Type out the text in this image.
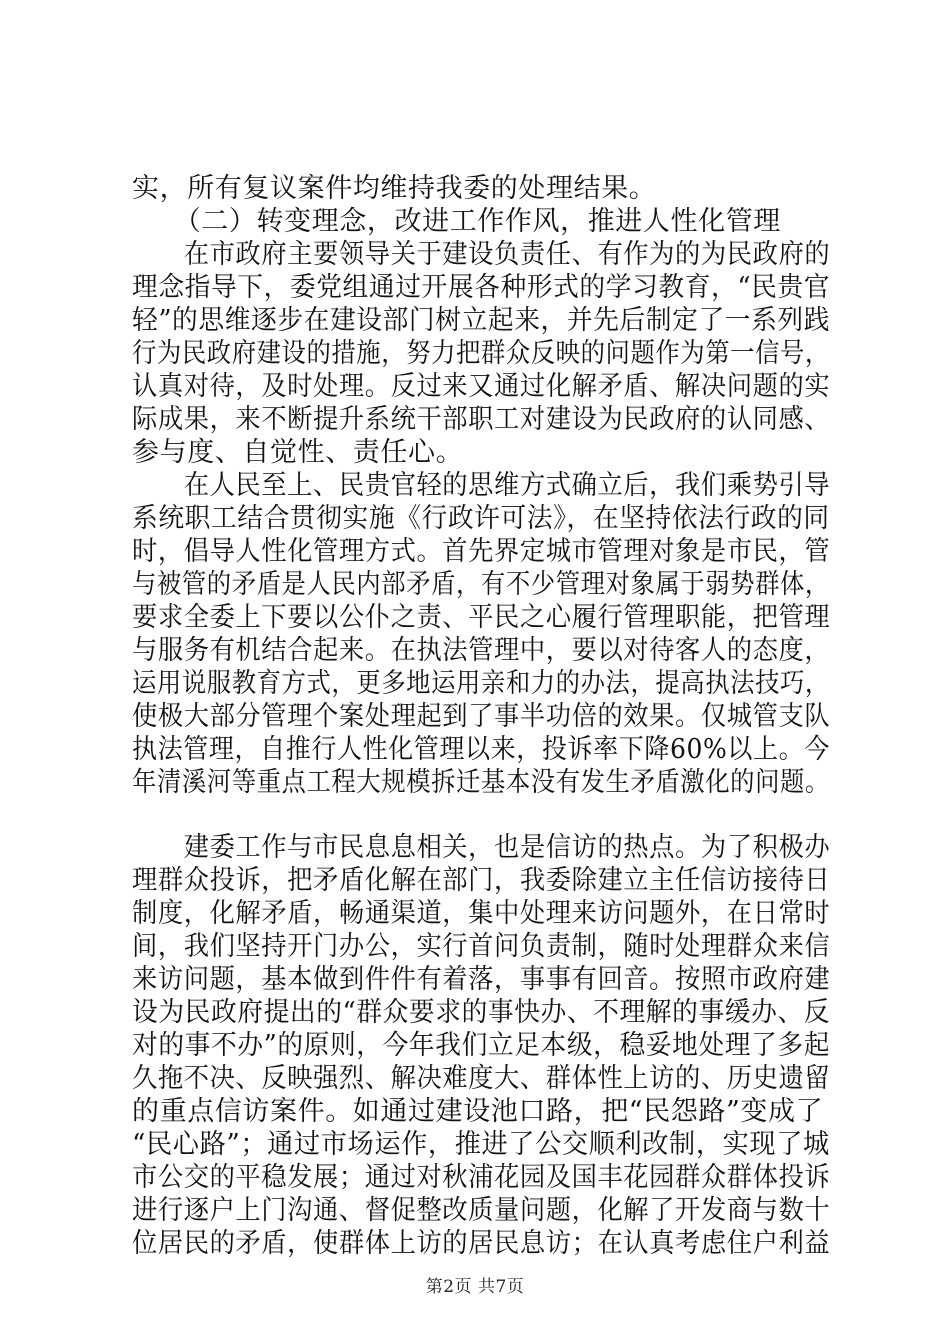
实，所有复议案件均维持我委的处理结果。
　　（二）转变理念，改进工作作风，推进人性化管理
　　在市政府主要领导关于建设负责任、有作为的为民政府的
理念指导下，委党组通过开展各种形式的学习教育，“民贵官
轻”的思维逐步在建设部门树立起来，并先后制定了一系列践
行为民政府建设的措施，努力把群众反映的问题作为第一信号，
认真对待，及时处理。反过来又通过化解矛盾、解决问题的实
际成果，来不断提升系统干部职工对建设为民政府的认同感、
参与度、自觉性、责任心。
　　在人民至上、民贵官轻的思维方式确立后，我们乘势引导
系统职工结合贯彻实施《行政许可法》，在坚持依法行政的同
时，倡导人性化管理方式。首先界定城市管理对象是市民，管
与被管的矛盾是人民内部矛盾，有不少管理对象属于弱势群体，
要求全委上下要以公仆之责、平民之心履行管理职能，把管理
与服务有机结合起来。在执法管理中，要以对待客人的态度，
运用说服教育方式，更多地运用亲和力的办法，提高执法技巧，
使极大部分管理个案处理起到了事半功倍的效果。仅城管支队
执法管理，自推行人性化管理以来，投诉率下降60%以上。今
年清溪河等重点工程大规模拆迁基本没有发生矛盾激化的问题。
　　建委工作与市民息息相关，也是信访的热点。为了积极办
理群众投诉，把矛盾化解在部门，我委除建立主任信访接待日
制度，化解矛盾，畅通渠道，集中处理来访问题外，在日常时
间，我们坚持开门办公，实行首问负责制，随时处理群众来信
来访问题，基本做到件件有着落，事事有回音。按照市政府建
设为民政府提出的“群众要求的事快办、不理解的事缓办、反
对的事不办”的原则，今年我们立足本级，稳妥地处理了多起
久拖不决、反映强烈、解决难度大、群体性上访的、历史遗留
的重点信访案件。如通过建设池口路，把“民怨路”变成了
“民心路”；通过市场运作，推进了公交顺利改制，实现了城
市公交的平稳发展；通过对秋浦花园及国丰花园群众群体投诉
进行逐户上门沟通、督促整改质量问题，化解了开发商与数十
位居民的矛盾，使群体上访的居民息访；在认真考虑住户利益
第2页 共7页
